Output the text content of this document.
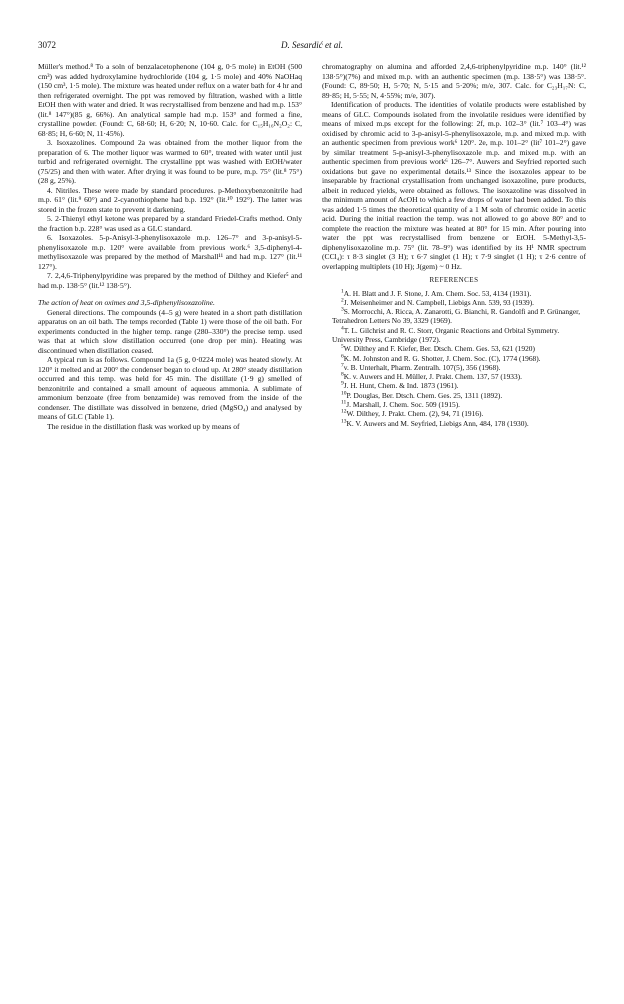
3072	D. Sesardić et al.

Müller's method.⁸ To a soln of benzalacetophenone (104 g, 0·5 mole) in EtOH (500 cm³) was added hydroxylamine hydrochloride (104 g, 1·5 mole) and 40% NaOHaq (150 cm³, 1·5 mole). The mixture was heated under reflux on a water bath for 4 hr and then refrigerated overnight. The ppt was removed by filtration, washed with a little EtOH then with water and dried. It was recrystallised from benzene and had m.p. 153° (lit.⁸ 147°)(85 g, 66%). An analytical sample had m.p. 153° and formed a fine, crystalline powder. (Found: C, 68·60; H, 6·20; N, 10·60. Calc. for C₁₅H₁₆N₂O₂: C, 68·85; H, 6·60; N, 11·45%).

3. Isoxazolines. Compound 2a was obtained from the mother liquor from the preparation of 6. The mother liquor was warmed to 60°, treated with water until just turbid and refrigerated overnight. The crystalline ppt was washed with EtOH/water (75/25) and then with water. After drying it was found to be pure, m.p. 75° (lit.⁸ 75°) (28 g, 25%).

4. Nitriles. These were made by standard procedures. p-Methoxybenzonitrile had m.p. 61° (lit.⁹ 60°) and 2-cyanothiophene had b.p. 192° (lit.¹⁰ 192°). The latter was stored in the frozen state to prevent it darkening.

5. 2-Thienyl ethyl ketone was prepared by a standard Friedel-Crafts method. Only the fraction b.p. 228° was used as a GLC standard.

6. Isoxazoles. 5-p-Anisyl-3-phenylisoxazole m.p. 126–7° and 3-p-anisyl-5-phenylisoxazole m.p. 120° were available from previous work.⁶ 3,5-diphenyl-4-methylisoxazole was prepared by the method of Marshall¹¹ and had m.p. 127° (lit.¹¹ 127°).

7. 2,4,6-Triphenylpyridine was prepared by the method of Dilthey and Kiefer⁵ and had m.p. 138·5° (lit.¹² 138·5°).

The action of heat on oximes and 3,5-diphenylisoxazoline.

General directions. The compounds (4–5 g) were heated in a short path distillation apparatus on an oil bath. The temps recorded (Table 1) were those of the oil bath. For experiments conducted in the higher temp. range (280–330°) the precise temp. used was that at which slow distillation occurred (one drop per min). Heating was discontinued when distillation ceased.

A typical run is as follows. Compound 1a (5 g, 0·0224 mole) was heated slowly. At 120° it melted and at 200° the condenser began to cloud up. At 280° steady distillation occurred and this temp. was held for 45 min. The distillate (1·9 g) smelled of benzonitrile and contained a small amount of aqueous ammonia. A sublimate of ammonium benzoate (free from benzamide) was removed from the inside of the condenser. The distillate was dissolved in benzene, dried (MgSO₄) and analysed by means of GLC (Table 1).

The residue in the distillation flask was worked up by means of

chromatography on alumina and afforded 2,4,6-triphenylpyridine m.p. 140° (lit.¹² 138·5°)(7%) and mixed m.p. with an authentic specimen (m.p. 138·5°) was 138·5°. (Found: C, 89·50; H, 5·70; N, 5·15 and 5·20%; m/e, 307. Calc. for C₂₃H₁₇N: C, 89·85; H, 5·55; N, 4·55%; m/e, 307).

Identification of products. The identities of volatile products were established by means of GLC. Compounds isolated from the involatile residues were identified by means of mixed m.ps except for the following: 2f, m.p. 102–3° (lit.⁷ 103–4°) was oxidised by chromic acid to 3-p-anisyl-5-phenylisoxazole, m.p. and mixed m.p. with an authentic specimen from previous work⁶ 120°. 2e, m.p. 101–2° (lit⁷ 101–2°) gave by similar treatment 5-p-anisyl-3-phenylisoxazole m.p. and mixed m.p. with an authentic specimen from previous work⁶ 126–7°. Auwers and Seyfried reported such oxidations but gave no experimental details.¹³ Since the isoxazoles appear to be inseparable by fractional crystallisation from unchanged isoxazoline, pure products, albeit in reduced yields, were obtained as follows. The isoxazoline was dissolved in the minimum amount of AcOH to which a few drops of water had been added. To this was added 1·5 times the theoretical quantity of a 1 M soln of chromic oxide in acetic acid. During the initial reaction the temp. was not allowed to go above 80° and to complete the reaction the mixture was heated at 80° for 15 min. After pouring into water the ppt was recrystallised from benzene or EtOH. 5-Methyl-3,5-diphenylisoxazoline m.p. 75° (lit. 78–9°) was identified by its H¹ NMR spectrum (CCl₄): τ 8·3 singlet (3 H); τ 6·7 singlet (1 H); τ 7·9 singlet (1 H); τ 2·6 centre of overlapping multiplets (10 H); J(gem) ~ 0 Hz.

REFERENCES

$^1$A. H. Blatt and J. F. Stone, J. Am. Chem. Soc. 53, 4134 (1931).

$^2$J. Meisenheimer and N. Campbell, Liebigs Ann. 539, 93 (1939).

$^3$S. Morrocchi, A. Ricca, A. Zanarotti, G. Bianchi, R. Gandolfi and P. Grünanger, Tetrahedron Letters No 39, 3329 (1969).

$^4$T. L. Gilchrist and R. C. Storr, Organic Reactions and Orbital Symmetry. University Press, Cambridge (1972).

$^5$W. Dilthey and F. Kiefer, Ber. Dtsch. Chem. Ges. 53, 621 (1920)

$^6$K. M. Johnston and R. G. Shotter, J. Chem. Soc. (C), 1774 (1968).

$^7$v. B. Unterhalt, Pharm. Zentralh. 107(5), 356 (1968).

$^8$K. v. Auwers and H. Müller, J. Prakt. Chem. 137, 57 (1933).

$^9$J. H. Hunt, Chem. & Ind. 1873 (1961).

$^{10}$P. Douglas, Ber. Dtsch. Chem. Ges. 25, 1311 (1892).

$^{11}$J. Marshall, J. Chem. Soc. 509 (1915).

$^{12}$W. Dilthey, J. Prakt. Chem. (2), 94, 71 (1916).

$^{13}$K. V. Auwers and M. Seyfried, Liebigs Ann, 484, 178 (1930).
